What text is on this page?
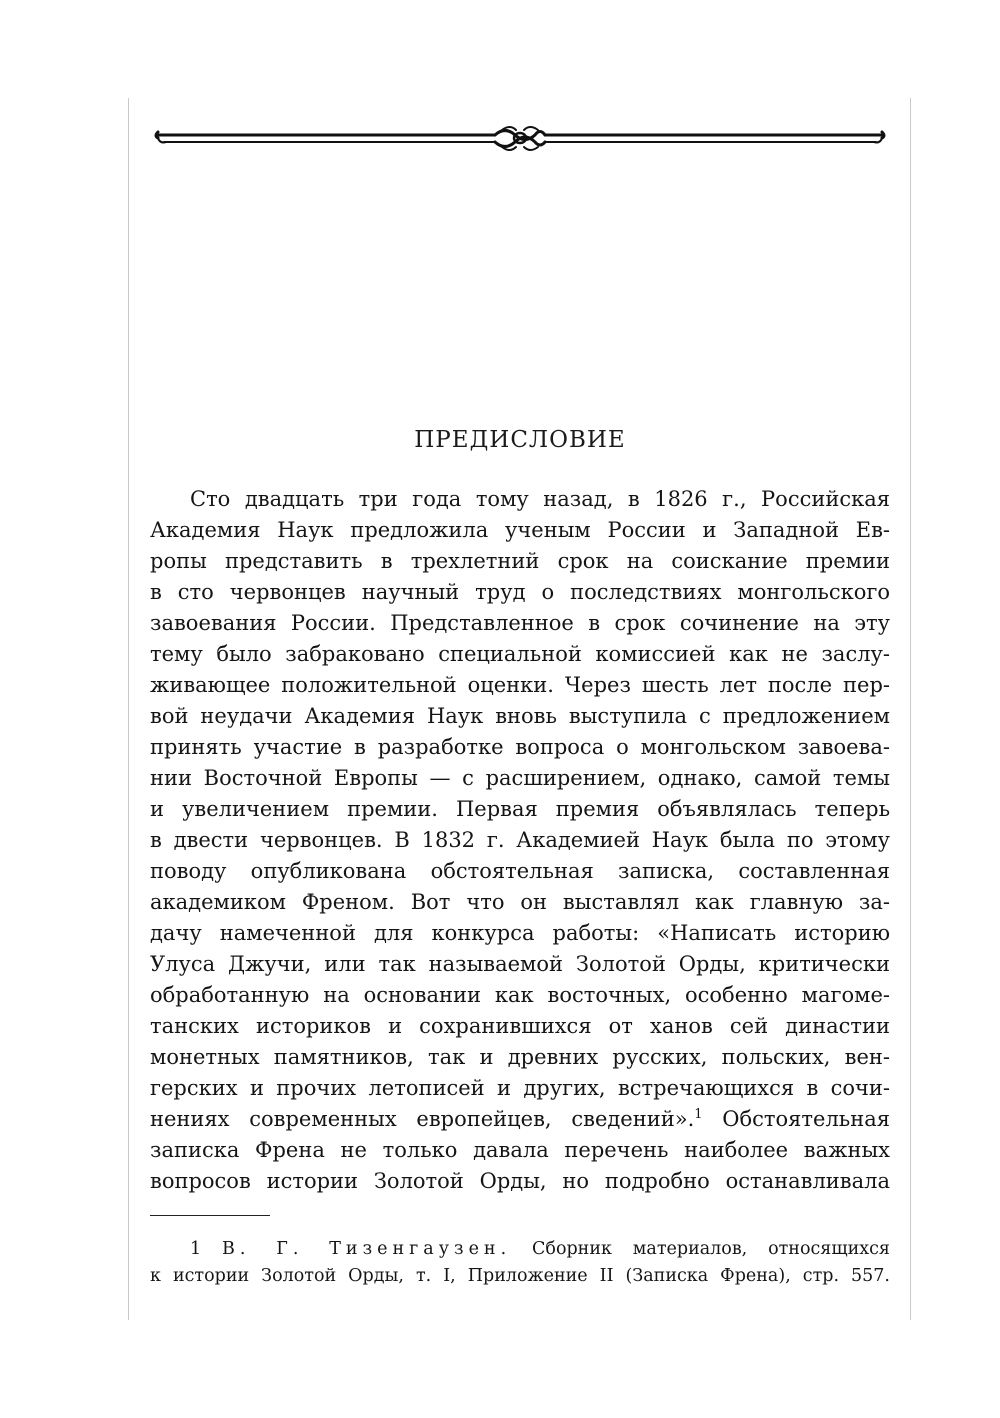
ПРЕДИСЛОВИЕ
Сто двадцать три года тому назад, в 1826 г., Российская
Академия Наук предложила ученым России и Западной Ев-
ропы представить в трехлетний срок на соискание премии
в сто червонцев научный труд о последствиях монгольского
завоевания России. Представленное в срок сочинение на эту
тему было забраковано специальной комиссией как не заслу-
живающее положительной оценки. Через шесть лет после пер-
вой неудачи Академия Наук вновь выступила с предложением
принять участие в разработке вопроса о монгольском завоева-
нии Восточной Европы — с расширением, однако, самой темы
и увеличением премии. Первая премия объявлялась теперь
в двести червонцев. В 1832 г. Академией Наук была по этому
поводу опубликована обстоятельная записка, составленная
академиком Френом. Вот что он выставлял как главную за-
дачу намеченной для конкурса работы: «Написать историю
Улуса Джучи, или так называемой Золотой Орды, критически
обработанную на основании как восточных, особенно магоме-
танских историков и сохранившихся от ханов сей династии
монетных памятников, так и древних русских, польских, вен-
герских и прочих летописей и других, встречающихся в сочи-
нениях современных европейцев, сведений».$^1$ Обстоятельная
записка Френа не только давала перечень наиболее важных
вопросов истории Золотой Орды, но подробно останавливала
1 В. Г. Тизенгаузен. Сборник материалов, относящихся
к истории Золотой Орды, т. I, Приложение II (Записка Френа), стр. 557.
